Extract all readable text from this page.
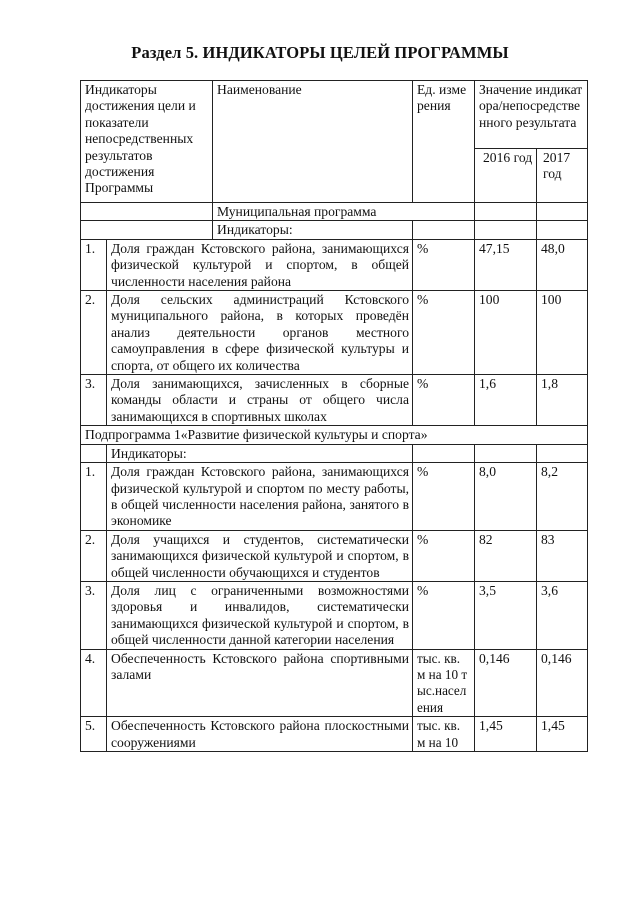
Раздел 5. ИНДИКАТОРЫ ЦЕЛЕЙ ПРОГРАММЫ
Индикаторы достижения цели и показатели непосредственных результатов достижения Программы		Наименование	Ед. измерения	Значение индикатора/непосредственного результата	
				2016 год	2017 год
		Муниципальная программа			
		Индикаторы:			
1.	Доля граждан Кстовского района, занимающихся физической культурой и спортом, в общей численности населения района		%	47,15	48,0
2.	Доля сельских администраций Кстовского муниципального района, в которых проведён анализ деятельности органов местного самоуправления в сфере физической культуры и спорта, от общего их количества		%	100	100
3.	Доля занимающихся, зачисленных в сборные команды области и страны от общего числа занимающихся в спортивных школах		%	1,6	1,8
Подпрограмма 1«Развитие физической культуры и спорта»					
	Индикаторы:				
1.	Доля граждан Кстовского района, занимающихся физической культурой и спортом по месту работы, в общей численности населения района, занятого в экономике		%	8,0	8,2
2.	Доля учащихся и студентов, систематически занимающихся физической культурой и спортом, в общей численности обучающихся и студентов		%	82	83
3.	Доля лиц с ограниченными возможностями здоровья и инвалидов, систематически занимающихся физической культурой и спортом, в общей численности данной категории населения		%	3,5	3,6
4.	Обеспеченность Кстовского района спортивными залами		тыс. кв. м на 10 тыс.населения	0,146	0,146
5.	Обеспеченность Кстовского района плоскостными сооружениями		тыс. кв. м на 10	1,45	1,45
